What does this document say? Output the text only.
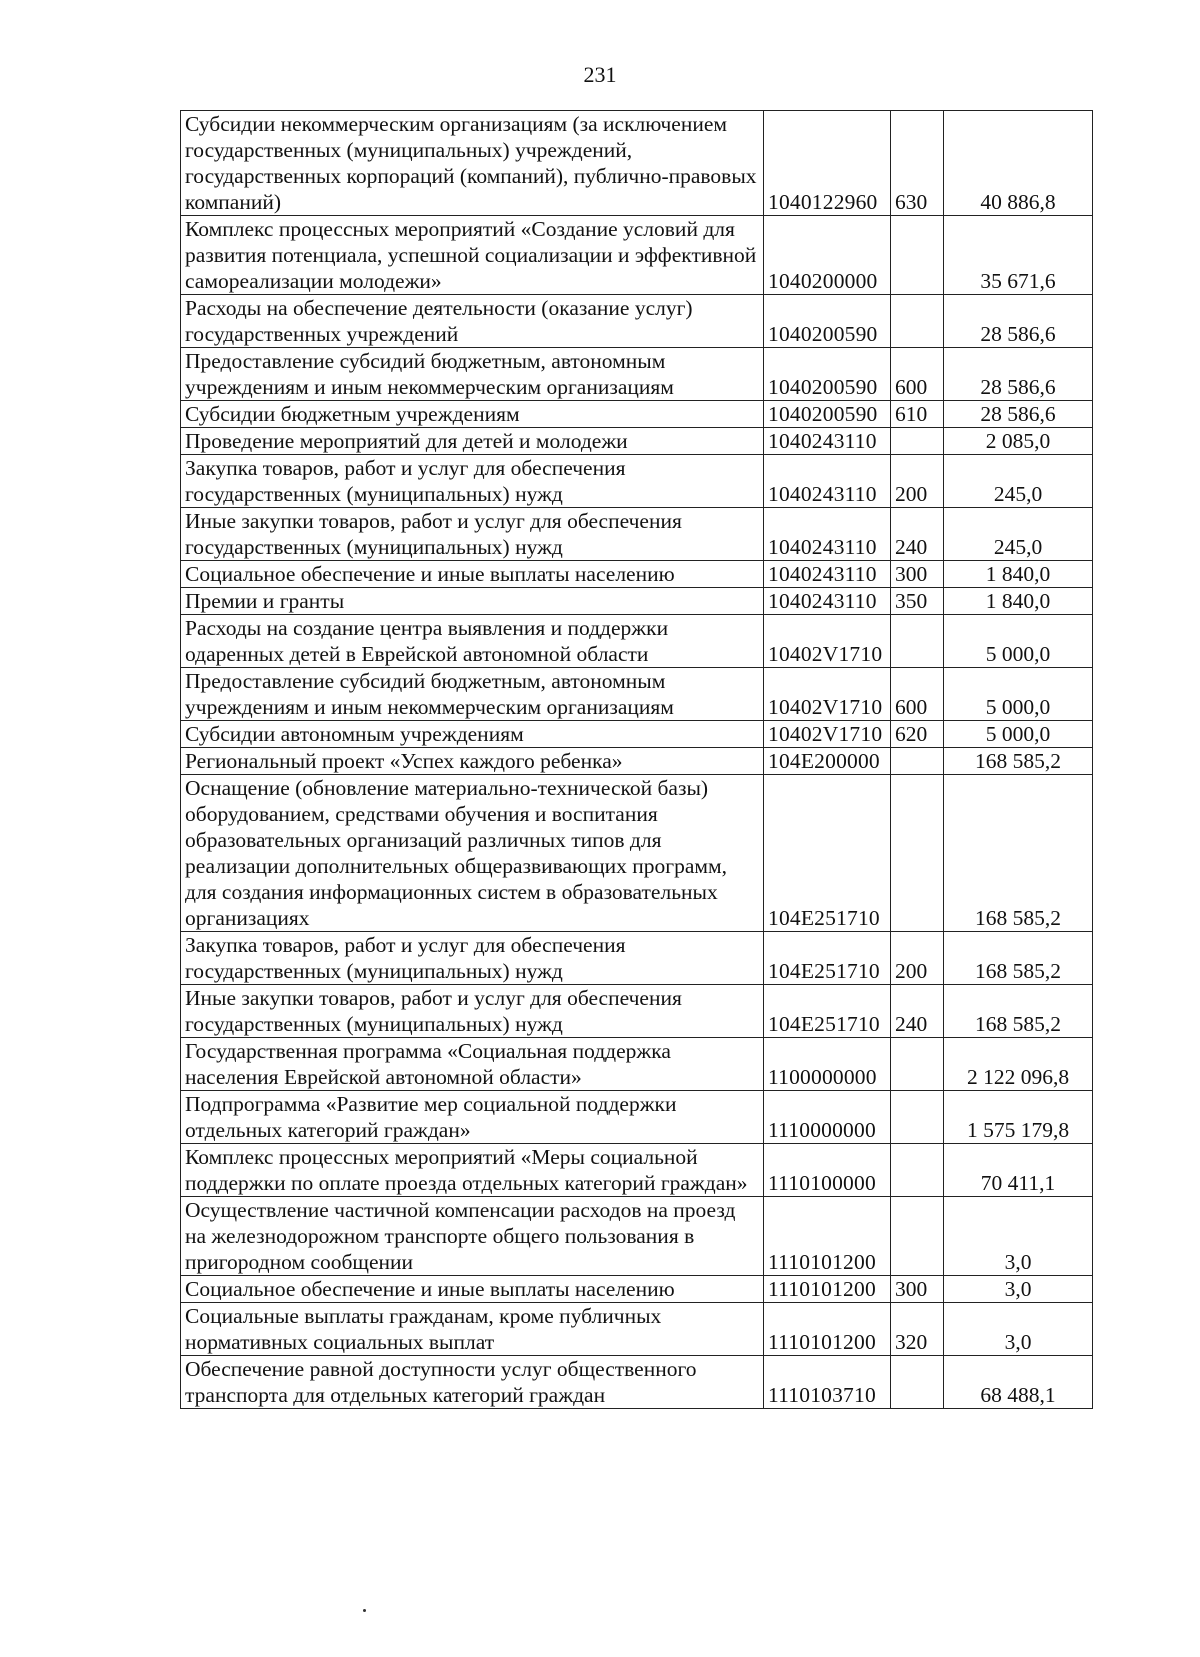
231
Субсидии некоммерческим организациям (за исключением государственных (муниципальных) учреждений, государственных корпораций (компаний), публично-правовых компаний)	1040122960	630	40 886,8
Комплекс процессных мероприятий «Создание условий для развития потенциала, успешной социализации и эффективной самореализации молодежи»	1040200000		35 671,6
Расходы на обеспечение деятельности (оказание услуг) государственных учреждений	1040200590		28 586,6
Предоставление субсидий бюджетным, автономным учреждениям и иным некоммерческим организациям	1040200590	600	28 586,6
Субсидии бюджетным учреждениям	1040200590	610	28 586,6
Проведение мероприятий для детей и молодежи	1040243110		2 085,0
Закупка товаров, работ и услуг для обеспечения государственных (муниципальных) нужд	1040243110	200	245,0
Иные закупки товаров, работ и услуг для обеспечения государственных (муниципальных) нужд	1040243110	240	245,0
Социальное обеспечение и иные выплаты населению	1040243110	300	1 840,0
Премии и гранты	1040243110	350	1 840,0
Расходы на создание центра выявления и поддержки одаренных детей в Еврейской автономной области	10402V1710		5 000,0
Предоставление субсидий бюджетным, автономным учреждениям и иным некоммерческим организациям	10402V1710	600	5 000,0
Субсидии автономным учреждениям	10402V1710	620	5 000,0
Региональный проект «Успех каждого ребенка»	104E200000		168 585,2
Оснащение (обновление материально-технической базы) оборудованием, средствами обучения и воспитания образовательных организаций различных типов для реализации дополнительных общеразвивающих программ, для создания информационных систем в образовательных организациях	104E251710		168 585,2
Закупка товаров, работ и услуг для обеспечения государственных (муниципальных) нужд	104E251710	200	168 585,2
Иные закупки товаров, работ и услуг для обеспечения государственных (муниципальных) нужд	104E251710	240	168 585,2
Государственная программа «Социальная поддержка населения Еврейской автономной области»	1100000000		2 122 096,8
Подпрограмма «Развитие мер социальной поддержки отдельных категорий граждан»	1110000000		1 575 179,8
Комплекс процессных мероприятий «Меры социальной поддержки по оплате проезда отдельных категорий граждан»	1110100000		70 411,1
Осуществление частичной компенсации расходов на проезд на железнодорожном транспорте общего пользования в пригородном сообщении	1110101200		3,0
Социальное обеспечение и иные выплаты населению	1110101200	300	3,0
Социальные выплаты гражданам, кроме публичных нормативных социальных выплат	1110101200	320	3,0
Обеспечение равной доступности услуг общественного транспорта для отдельных категорий граждан	1110103710		68 488,1
